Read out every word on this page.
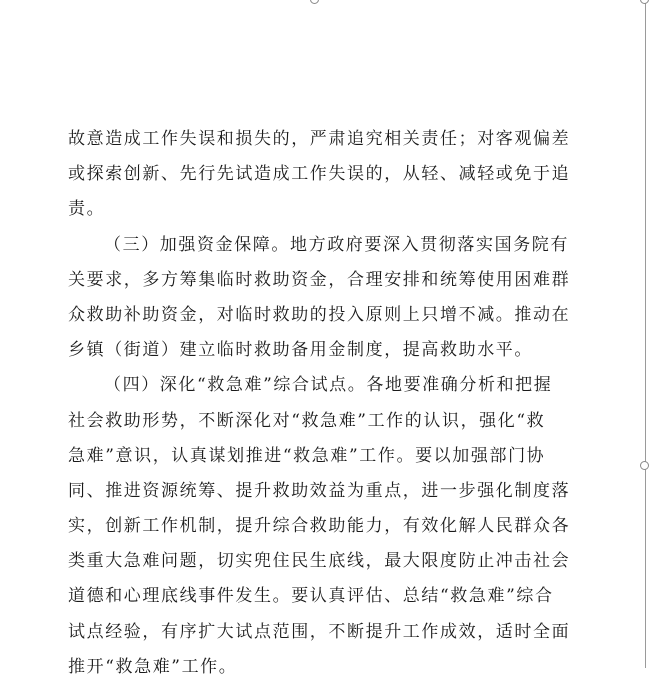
故意造成工作失误和损失的，严肃追究相关责任；对客观偏差
或探索创新、先行先试造成工作失误的，从轻、减轻或免于追
责。
（三）加强资金保障。地方政府要深入贯彻落实国务院有
关要求，多方筹集临时救助资金，合理安排和统筹使用困难群
众救助补助资金，对临时救助的投入原则上只增不减。推动在
乡镇（街道）建立临时救助备用金制度，提高救助水平。
（四）深化“救急难”综合试点。各地要准确分析和把握
社会救助形势，不断深化对“救急难”工作的认识，强化“救
急难”意识，认真谋划推进“救急难”工作。要以加强部门协
同、推进资源统筹、提升救助效益为重点，进一步强化制度落
实，创新工作机制，提升综合救助能力，有效化解人民群众各
类重大急难问题，切实兜住民生底线，最大限度防止冲击社会
道德和心理底线事件发生。要认真评估、总结“救急难”综合
试点经验，有序扩大试点范围，不断提升工作成效，适时全面
推开“救急难”工作。
